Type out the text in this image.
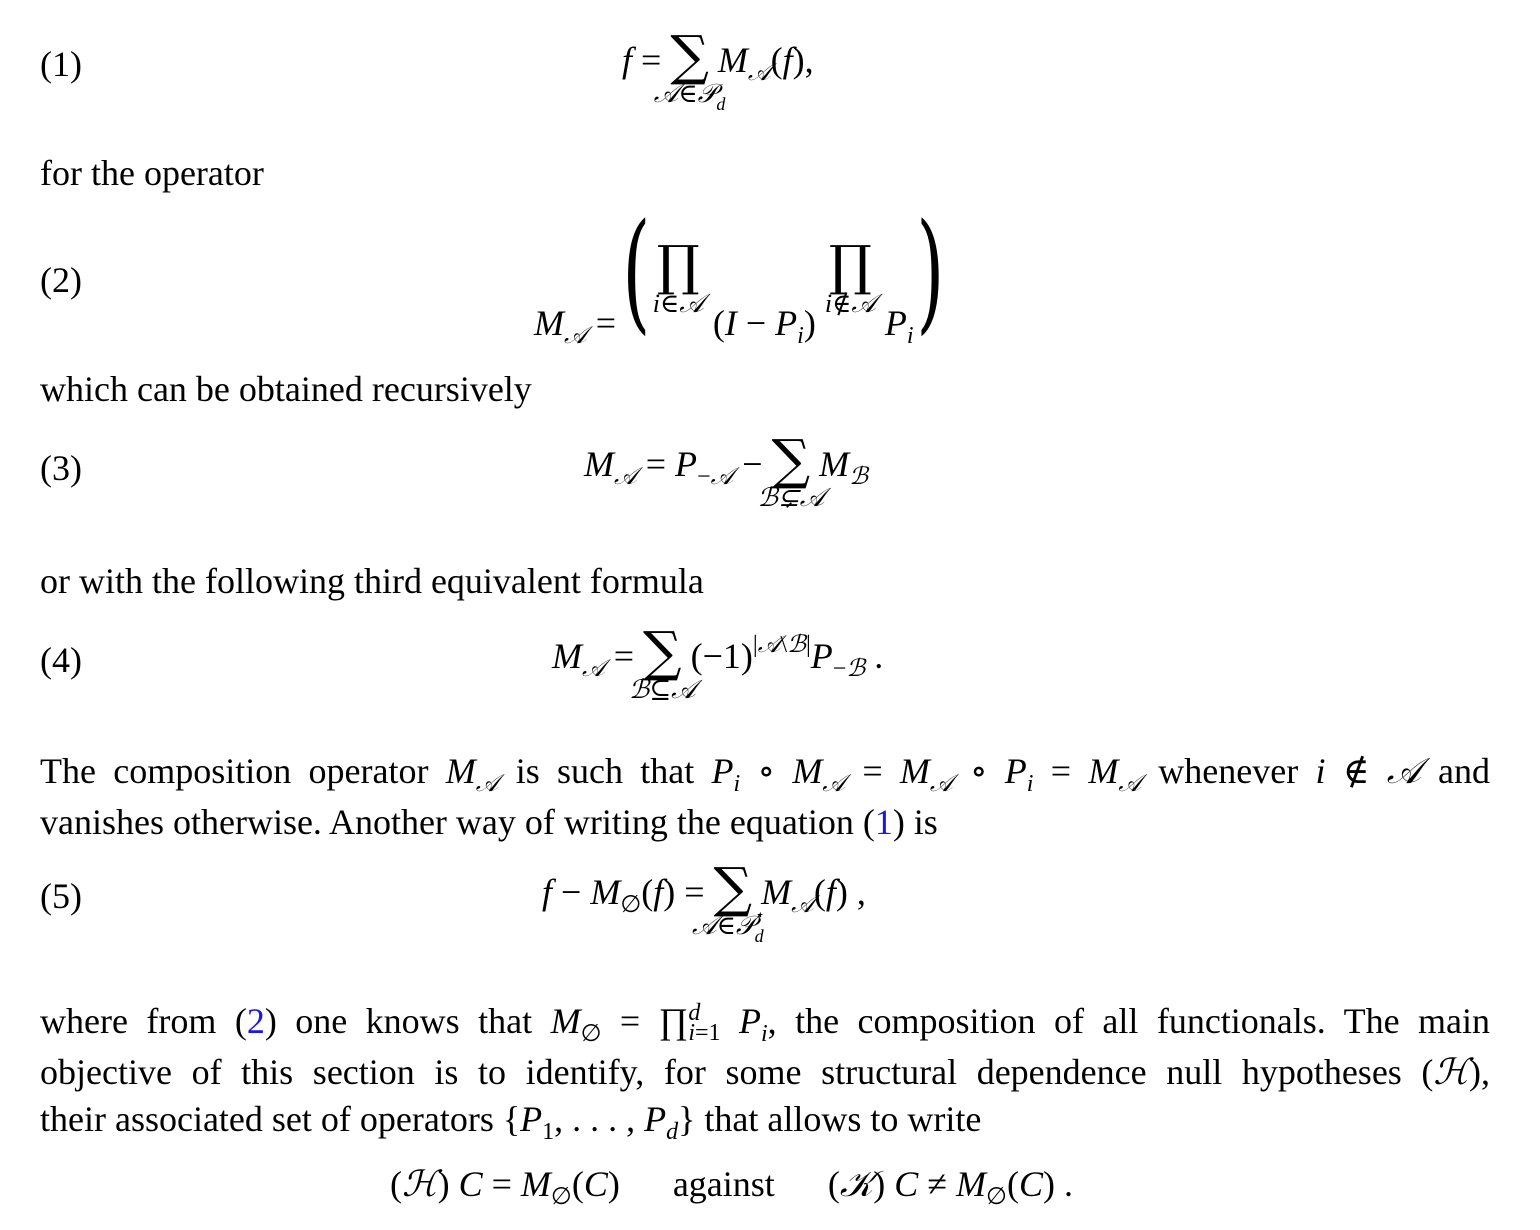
(1)	f = ∑
𝒜∈𝒫$_d$
$M_𝒜(f)$,
for the operator
(2)
$M_𝒜$ = ( ∏
i∈𝒜 $(I - P_i)$
∏
i∉𝒜 $P_i$ )
which can be obtained recursively
(3)	$M_𝒜 = P_{-𝒜}$ − ∑
ℬ⊊𝒜
$M_ℬ$
or with the following third equivalent formula
(4)	$M_𝒜$ = ∑
ℬ⊆𝒜
$(-1)^{|𝒜\backslash ℬ|}P_{-ℬ}$ .
The composition operator $M_𝒜$ is such that $P_i$ ∘ $M_𝒜 = M_𝒜$ ∘ $P_i = M_𝒜$ whenever i ∉ 𝒜 and
vanishes otherwise. Another way of writing the equation (1) is
(5)	$f - M_\emptyset(f)$ = ∑
𝒜∈𝒫$_d$⋆
$M_𝒜(f)$ ,
where from (2) one knows that $M_\emptyset$ = ∏ d
i=1 $P_i$, the composition of all functionals. The main
objective of this section is to identify, for some structural dependence null hypotheses (ℋ),
their associated set of operators {$P_1$, . . . , $P_d$} that allows to write
(ℋ) $C = M_\emptyset(C)$ against (𝒦) $C \ne M_\emptyset(C)$ .
